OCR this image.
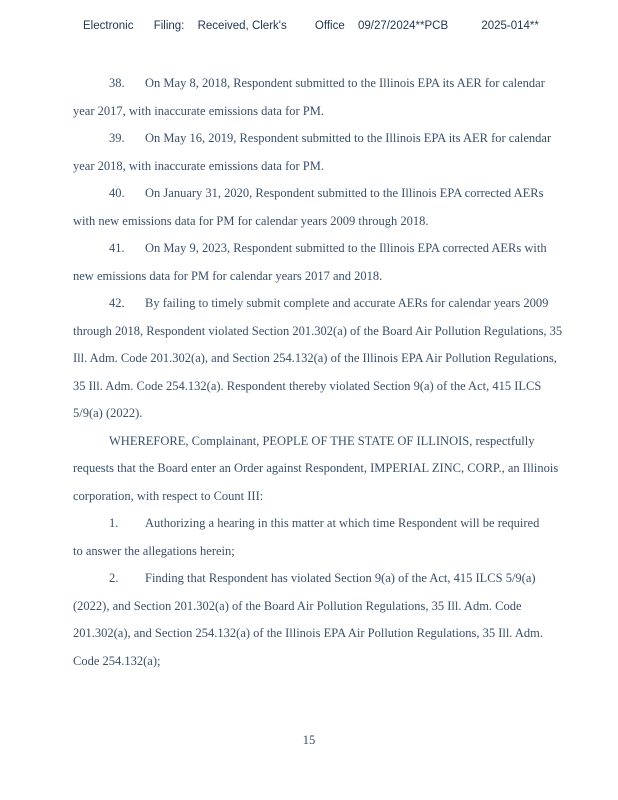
Electronic Filing: Received, Clerk's Office 09/27/2024**PCB	2025-014**

38. On May 8, 2018, Respondent submitted to the Illinois EPA its AER for calendar

year 2017, with inaccurate emissions data for PM.

39. On May 16, 2019, Respondent submitted to the Illinois EPA its AER for calendar

year 2018, with inaccurate emissions data for PM.

40. On January 31, 2020, Respondent submitted to the Illinois EPA corrected AERs

with new emissions data for PM for calendar years 2009 through 2018.

41. On May 9, 2023, Respondent submitted to the Illinois EPA corrected AERs with

new emissions data for PM for calendar years 2017 and 2018.

42. By failing to timely submit complete and accurate AERs for calendar years 2009

through 2018, Respondent violated Section 201.302(a) of the Board Air Pollution Regulations, 35

Ill. Adm. Code 201.302(a), and Section 254.132(a) of the Illinois EPA Air Pollution Regulations,

35 Ill. Adm. Code 254.132(a). Respondent thereby violated Section 9(a) of the Act, 415 ILCS

5/9(a) (2022).

WHEREFORE, Complainant, PEOPLE OF THE STATE OF ILLINOIS, respectfully

requests that the Board enter an Order against Respondent, IMPERIAL ZINC, CORP., an Illinois

corporation, with respect to Count III:

1. Authorizing a hearing in this matter at which time Respondent will be required

to answer the allegations herein;

2. Finding that Respondent has violated Section 9(a) of the Act, 415 ILCS 5/9(a)

(2022), and Section 201.302(a) of the Board Air Pollution Regulations, 35 Ill. Adm. Code

201.302(a), and Section 254.132(a) of the Illinois EPA Air Pollution Regulations, 35 Ill. Adm.

Code 254.132(a);

15
